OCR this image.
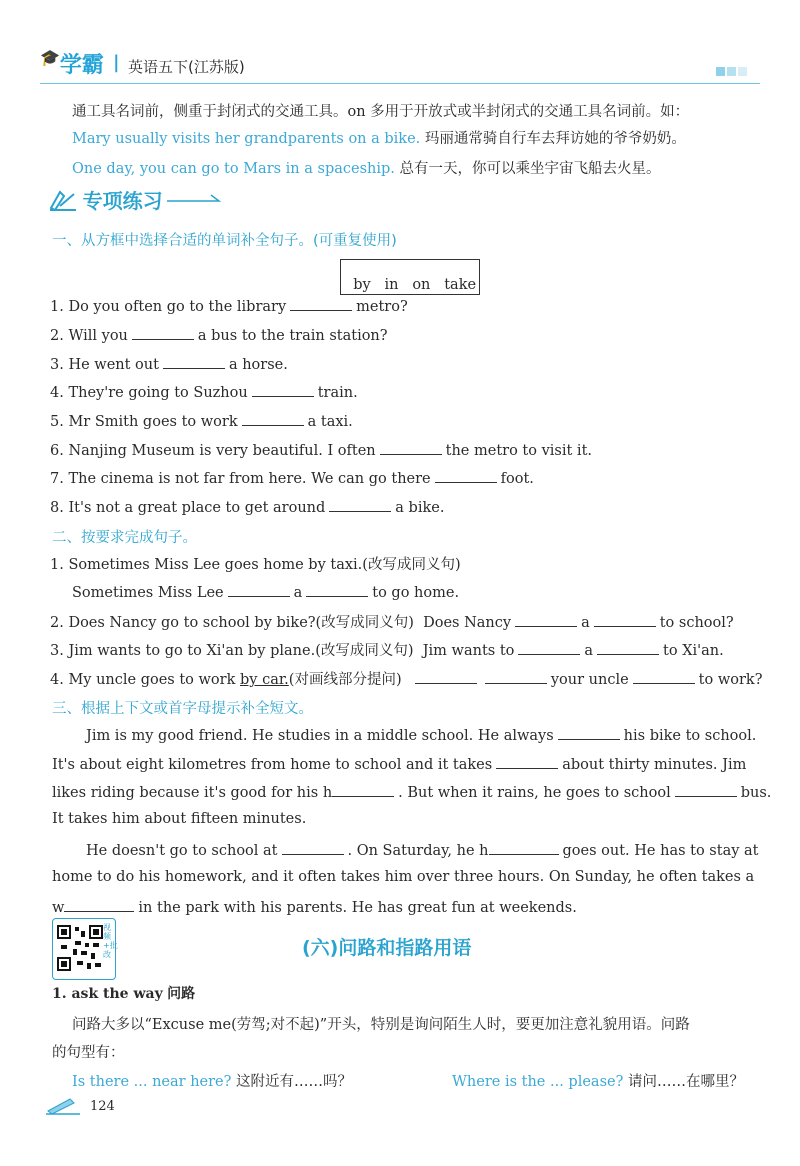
🎓学霸 | 英语五下(江苏版)
通工具名词前，侧重于封闭式的交通工具。on 多用于开放式或半封闭式的交通工具名词前。如：
Mary usually visits her grandparents on a bike. 玛丽通常骑自行车去拜访她的爷爷奶奶。
One day, you can go to Mars in a spaceship. 总有一天，你可以乘坐宇宙飞船去火星。
专项练习
一、从方框中选择合适的单词补全句子。(可重复使用)

by   in   on   take

1. Do you often go to the library	metro?
2. Will you	a bus to the train station?
3. He went out	a horse.
4. They're going to Suzhou	train.
5. Mr Smith goes to work	a taxi.
6. Nanjing Museum is very beautiful. I often	the metro to visit it.
7. The cinema is not far from here. We can go there	foot.
8. It's not a great place to get around	a bike.
二、按要求完成句子。
1. Sometimes Miss Lee goes home by taxi.(改写成同义句)
Sometimes Miss Lee	a	to go home.
2. Does Nancy go to school by bike?(改写成同义句) Does Nancy	a	to school?
3. Jim wants to go to Xi'an by plane.(改写成同义句) Jim wants to	a	to Xi'an.
4. My uncle goes to work by car.(对画线部分提问)	your uncle	to work?
三、根据上下文或首字母提示补全短文。
Jim is my good friend. He studies in a middle school. He always	his bike to school.
It's about eight kilometres from home to school and it takes	about thirty minutes. Jim
likes riding because it's good for his h	. But when it rains, he goes to school	bus.
It takes him about fifteen minutes.
He doesn't go to school at	. On Saturday, he h	goes out. He has to stay at
home to do his homework, and it often takes him over three hours. On Sunday, he often takes a
w	in the park with his parents. He has great fun at weekends.
视频+批改	(六)问路和指路用语
1. ask the way 问路
问路大多以“Excuse me(劳驾;对不起)”开头，特别是询问陌生人时，要更加注意礼貌用语。问路
的句型有：
Is there ... near here? 这附近有……吗？	Where is the ... please? 请问……在哪里？
124
